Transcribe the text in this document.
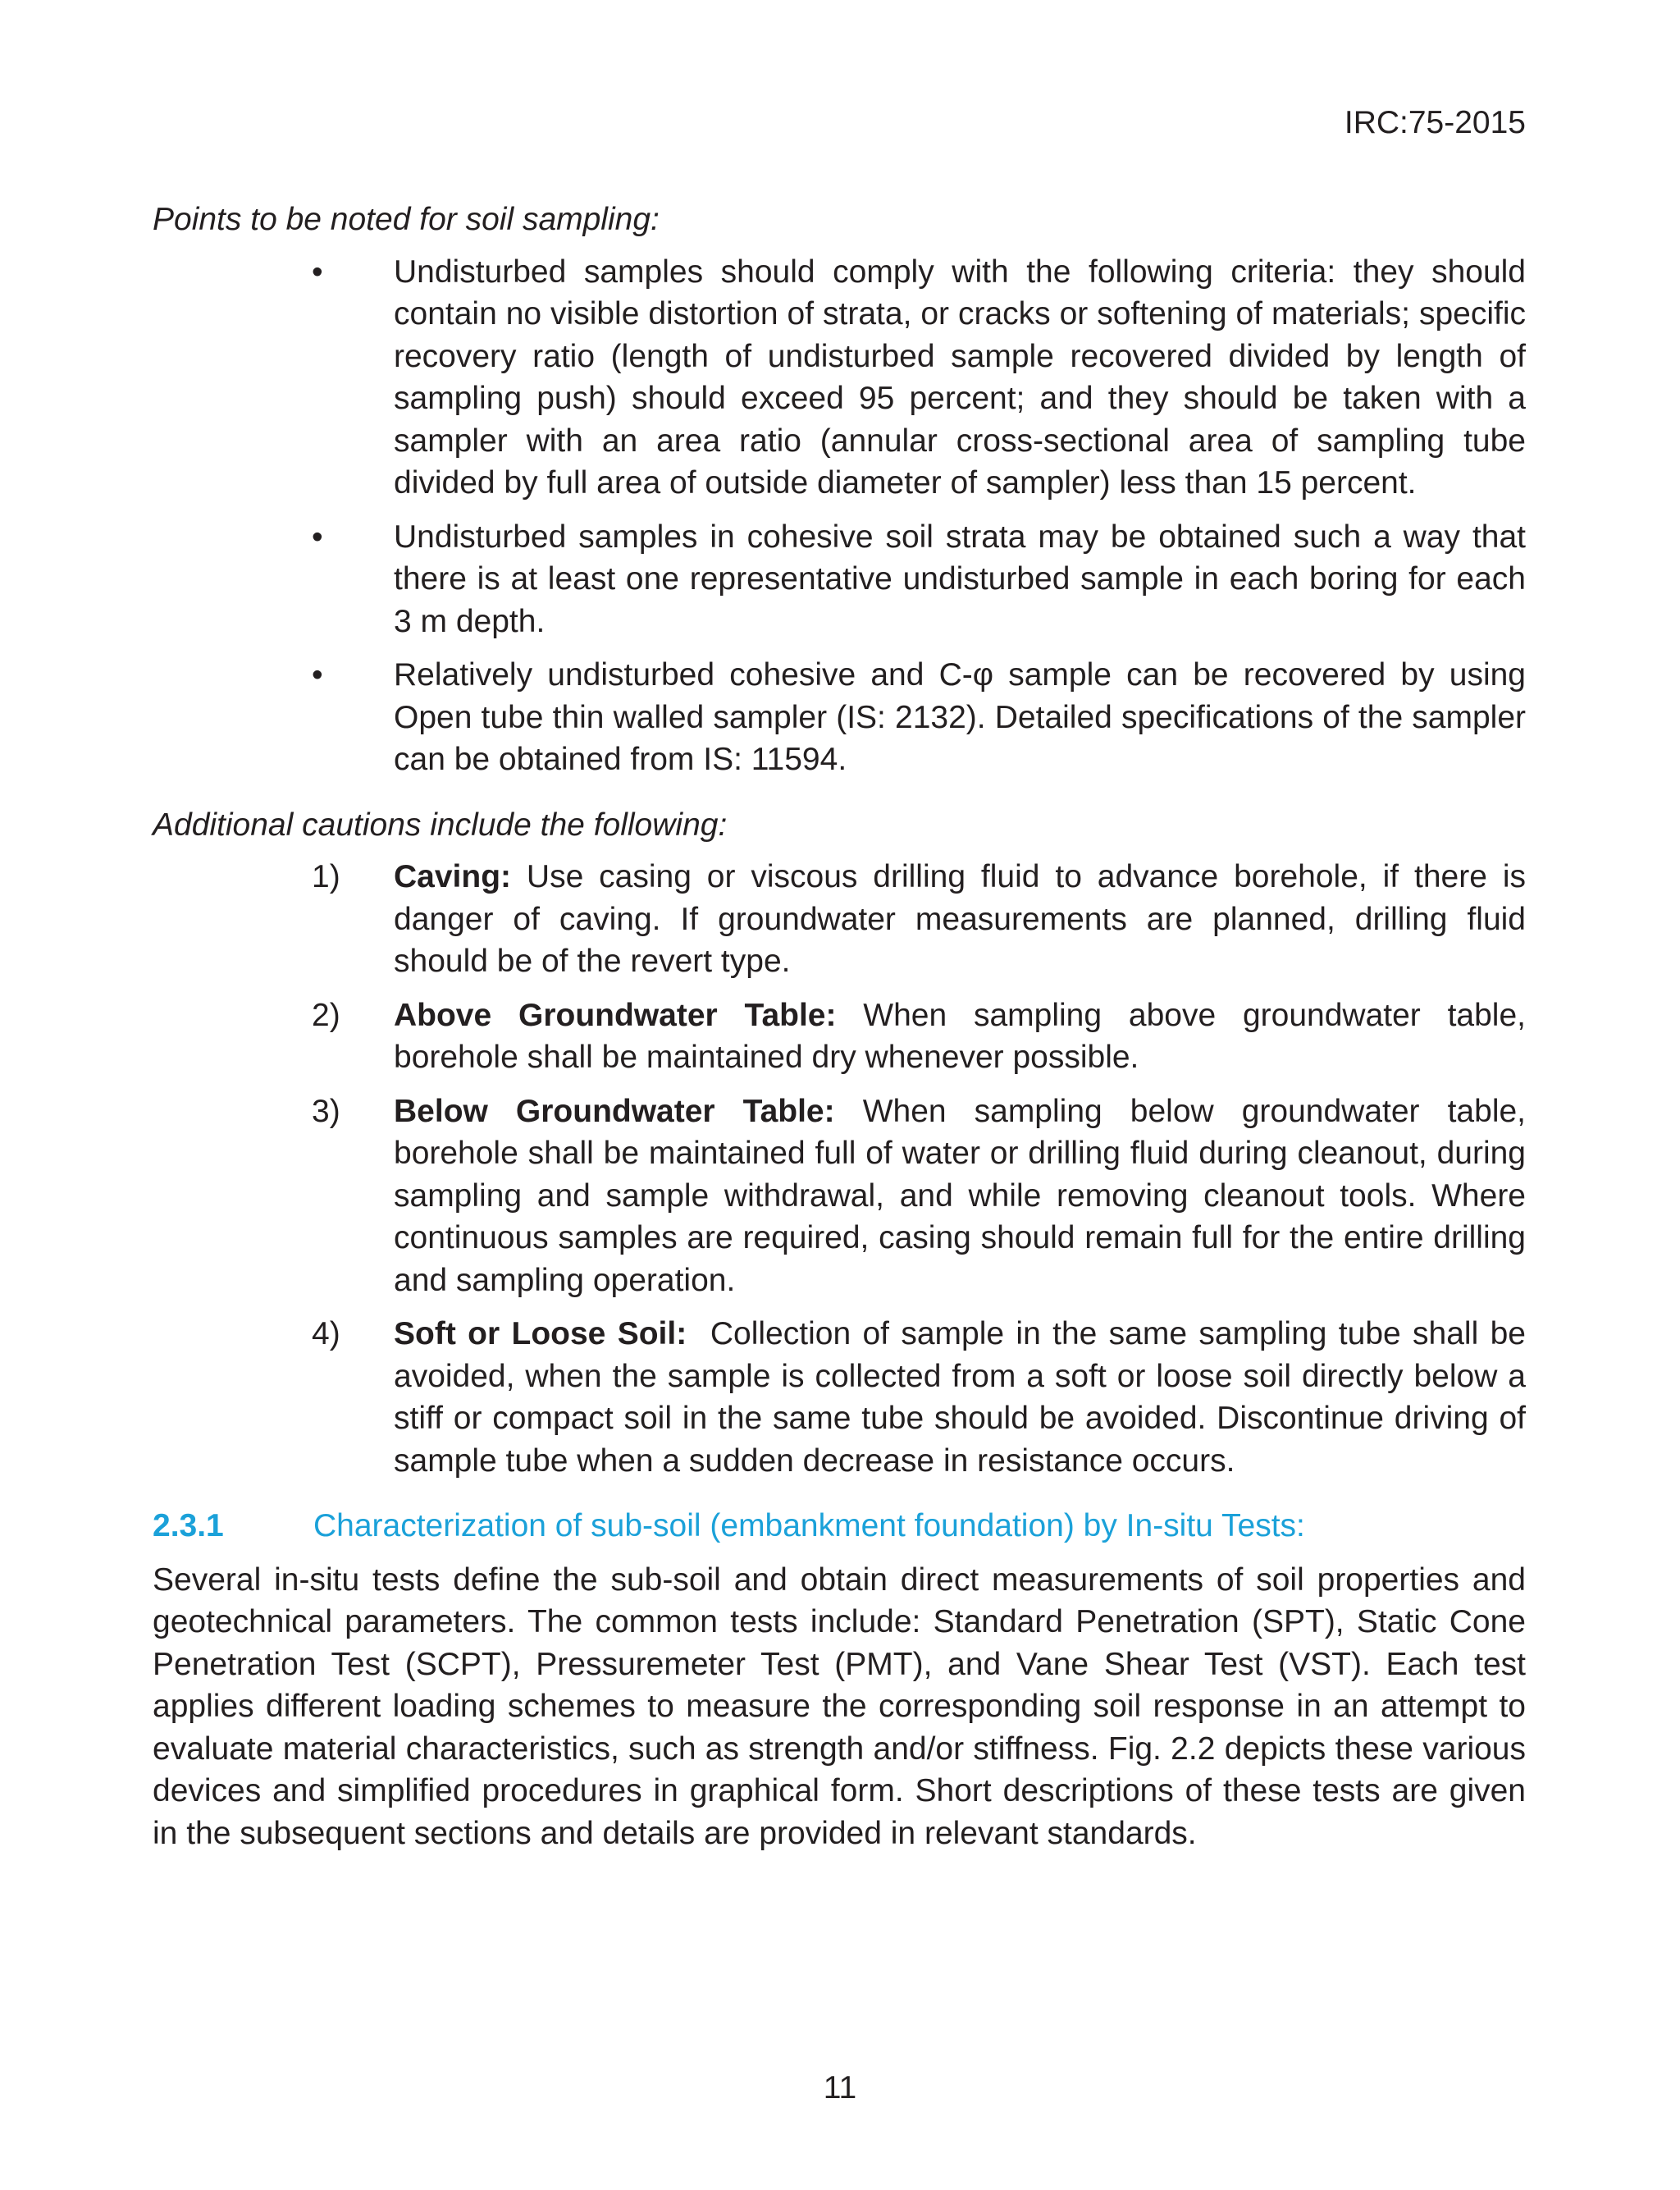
IRC:75-2015

Points to be noted for soil sampling:

• Undisturbed samples should comply with the following criteria: they should contain no visible distortion of strata, or cracks or softening of materials; specific recovery ratio (length of undisturbed sample recovered divided by length of sampling push) should exceed 95 percent; and they should be taken with a sampler with an area ratio (annular cross-sectional area of sampling tube divided by full area of outside diameter of sampler) less than 15 percent.
• Undisturbed samples in cohesive soil strata may be obtained such a way that there is at least one representative undisturbed sample in each boring for each 3 m depth.
• Relatively undisturbed cohesive and C-φ sample can be recovered by using Open tube thin walled sampler (IS: 2132). Detailed specifications of the sampler can be obtained from IS: 11594.

Additional cautions include the following:

1) Caving: Use casing or viscous drilling fluid to advance borehole, if there is danger of caving. If groundwater measurements are planned, drilling fluid should be of the revert type.
2) Above Groundwater Table: When sampling above groundwater table, borehole shall be maintained dry whenever possible.
3) Below Groundwater Table: When sampling below groundwater table, borehole shall be maintained full of water or drilling fluid during cleanout, during sampling and sample withdrawal, and while removing cleanout tools. Where continuous samples are required, casing should remain full for the entire drilling and sampling operation.
4) Soft or Loose Soil:  Collection of sample in the same sampling tube shall be avoided, when the sample is collected from a soft or loose soil directly below a stiff or compact soil in the same tube should be avoided. Discontinue driving of sample tube when a sudden decrease in resistance occurs.
2.3.1	Characterization of sub-soil (embankment foundation) by In-situ Tests:

Several in-situ tests define the sub-soil and obtain direct measurements of soil properties and geotechnical parameters. The common tests include: Standard Penetration (SPT), Static Cone Penetration Test (SCPT), Pressuremeter Test (PMT), and Vane Shear Test (VST). Each test applies different loading schemes to measure the corresponding soil response in an attempt to evaluate material characteristics, such as strength and/or stiffness. Fig. 2.2 depicts these various devices and simplified procedures in graphical form. Short descriptions of these tests are given in the subsequent sections and details are provided in relevant standards.

11
